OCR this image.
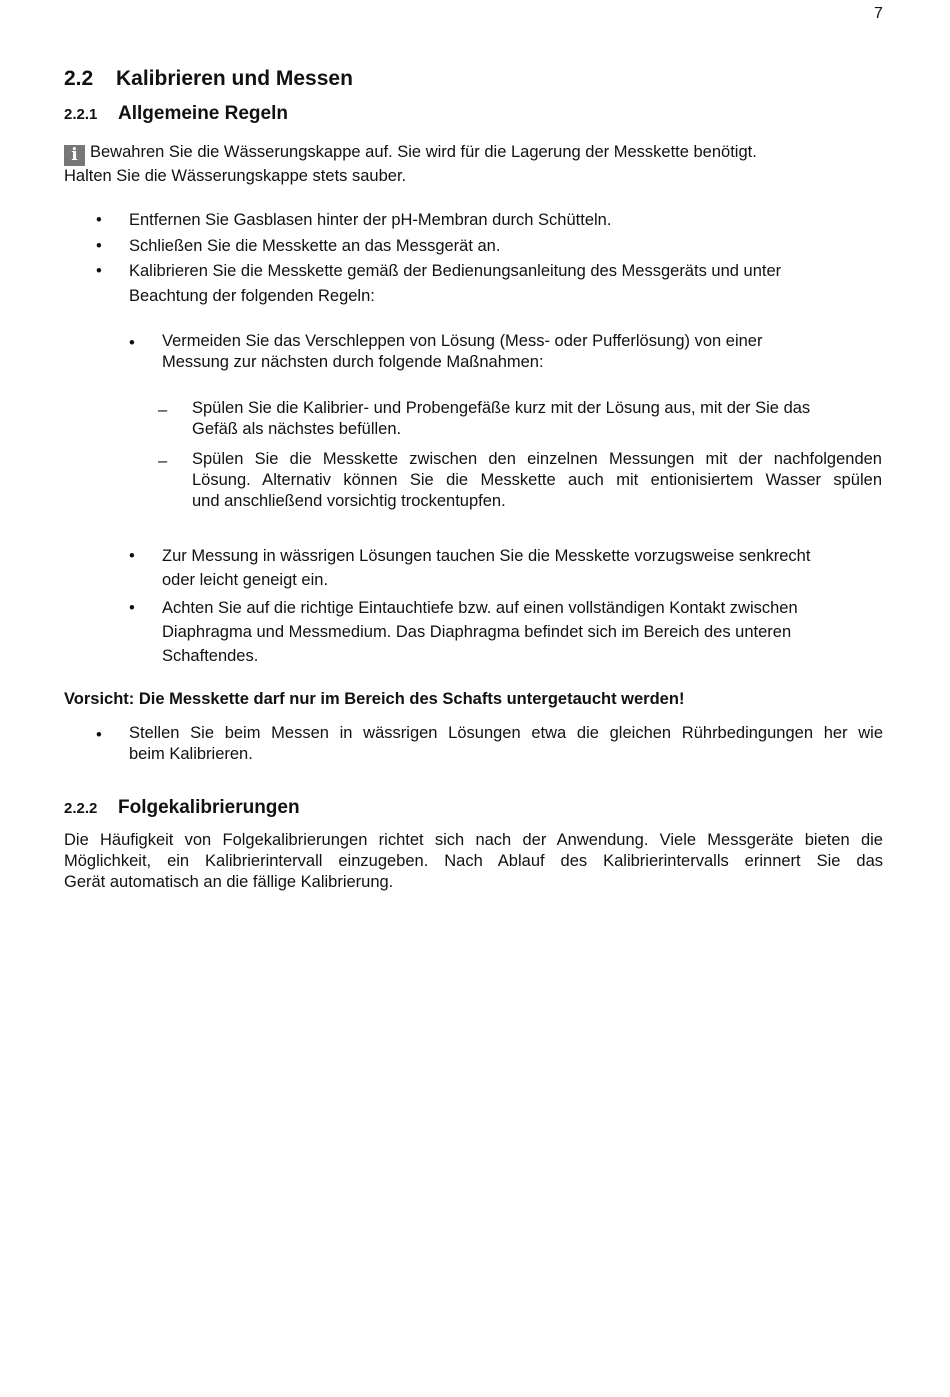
7
2.2 Kalibrieren und Messen
2.2.1 Allgemeine Regeln

i Bewahren Sie die Wässerungskappe auf. Sie wird für die Lagerung der Messkette benötigt.
Halten Sie die Wässerungskappe stets sauber.

• Entfernen Sie Gasblasen hinter der pH-Membran durch Schütteln.
• Schließen Sie die Messkette an das Messgerät an.
• Kalibrieren Sie die Messkette gemäß der Bedienungsanleitung des Messgeräts und unter
Beachtung der folgenden Regeln:
• Vermeiden Sie das Verschleppen von Lösung (Mess- oder Pufferlösung) von einer
Messung zur nächsten durch folgende Maßnahmen:
– Spülen Sie die Kalibrier- und Probengefäße kurz mit der Lösung aus, mit der Sie das
Gefäß als nächstes befüllen.
– Spülen Sie die Messkette zwischen den einzelnen Messungen mit der nachfolgenden
Lösung. Alternativ können Sie die Messkette auch mit entionisiertem Wasser spülen
und anschließend vorsichtig trockentupfen.
• Zur Messung in wässrigen Lösungen tauchen Sie die Messkette vorzugsweise senkrecht
oder leicht geneigt ein.
• Achten Sie auf die richtige Eintauchtiefe bzw. auf einen vollständigen Kontakt zwischen
Diaphragma und Messmedium. Das Diaphragma befindet sich im Bereich des unteren
Schaftendes.
Vorsicht: Die Messkette darf nur im Bereich des Schafts untergetaucht werden!
• Stellen Sie beim Messen in wässrigen Lösungen etwa die gleichen Rührbedingungen her wie
beim Kalibrieren.
2.2.2 Folgekalibrierungen

Die Häufigkeit von Folgekalibrierungen richtet sich nach der Anwendung. Viele Messgeräte bieten die
Möglichkeit, ein Kalibrierintervall einzugeben. Nach Ablauf des Kalibrierintervalls erinnert Sie das
Gerät automatisch an die fällige Kalibrierung.
